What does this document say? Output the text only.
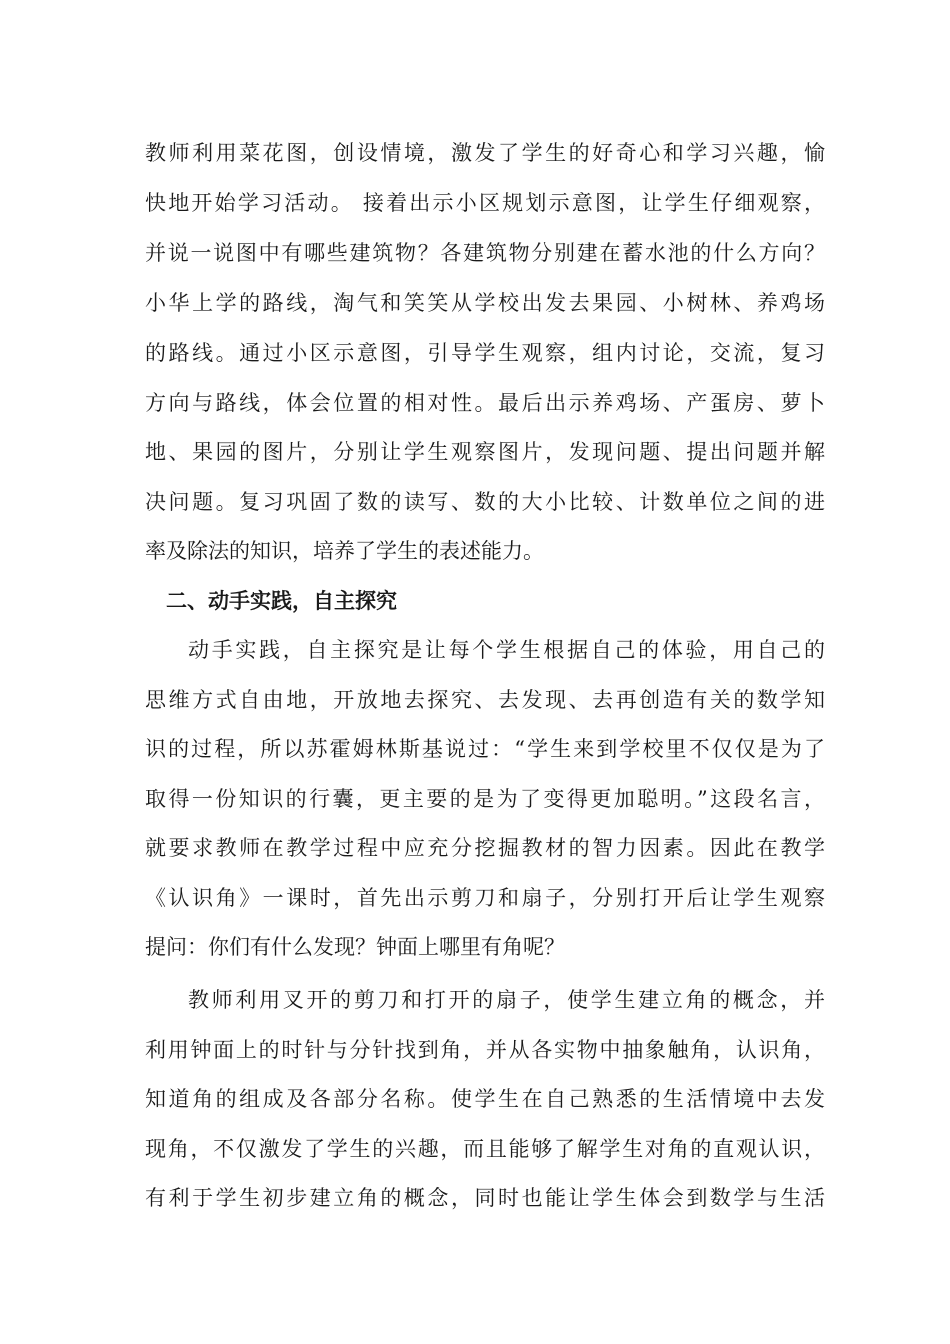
教师利用菜花图，创设情境，激发了学生的好奇心和学习兴趣，愉
快地开始学习活动。 接着出示小区规划示意图，让学生仔细观察，
并说一说图中有哪些建筑物？各建筑物分别建在蓄水池的什么方向？
小华上学的路线，淘气和笑笑从学校出发去果园、小树林、养鸡场
的路线。通过小区示意图，引导学生观察，组内讨论，交流，复习
方向与路线，体会位置的相对性。最后出示养鸡场、产蛋房、萝卜
地、果园的图片，分别让学生观察图片，发现问题、提出问题并解
决问题。复习巩固了数的读写、数的大小比较、计数单位之间的进
率及除法的知识，培养了学生的表述能力。
二、动手实践，自主探究
动手实践，自主探究是让每个学生根据自己的体验，用自己的
思维方式自由地，开放地去探究、去发现、去再创造有关的数学知
识的过程，所以苏霍姆林斯基说过：“学生来到学校里不仅仅是为了
取得一份知识的行囊，更主要的是为了变得更加聪明。”这段名言，
就要求教师在教学过程中应充分挖掘教材的智力因素。因此在教学
《认识角》一课时，首先出示剪刀和扇子，分别打开后让学生观察
提问：你们有什么发现？钟面上哪里有角呢？
教师利用叉开的剪刀和打开的扇子，使学生建立角的概念，并
利用钟面上的时针与分针找到角，并从各实物中抽象触角，认识角，
知道角的组成及各部分名称。使学生在自己熟悉的生活情境中去发
现角，不仅激发了学生的兴趣，而且能够了解学生对角的直观认识，
有利于学生初步建立角的概念，同时也能让学生体会到数学与生活
